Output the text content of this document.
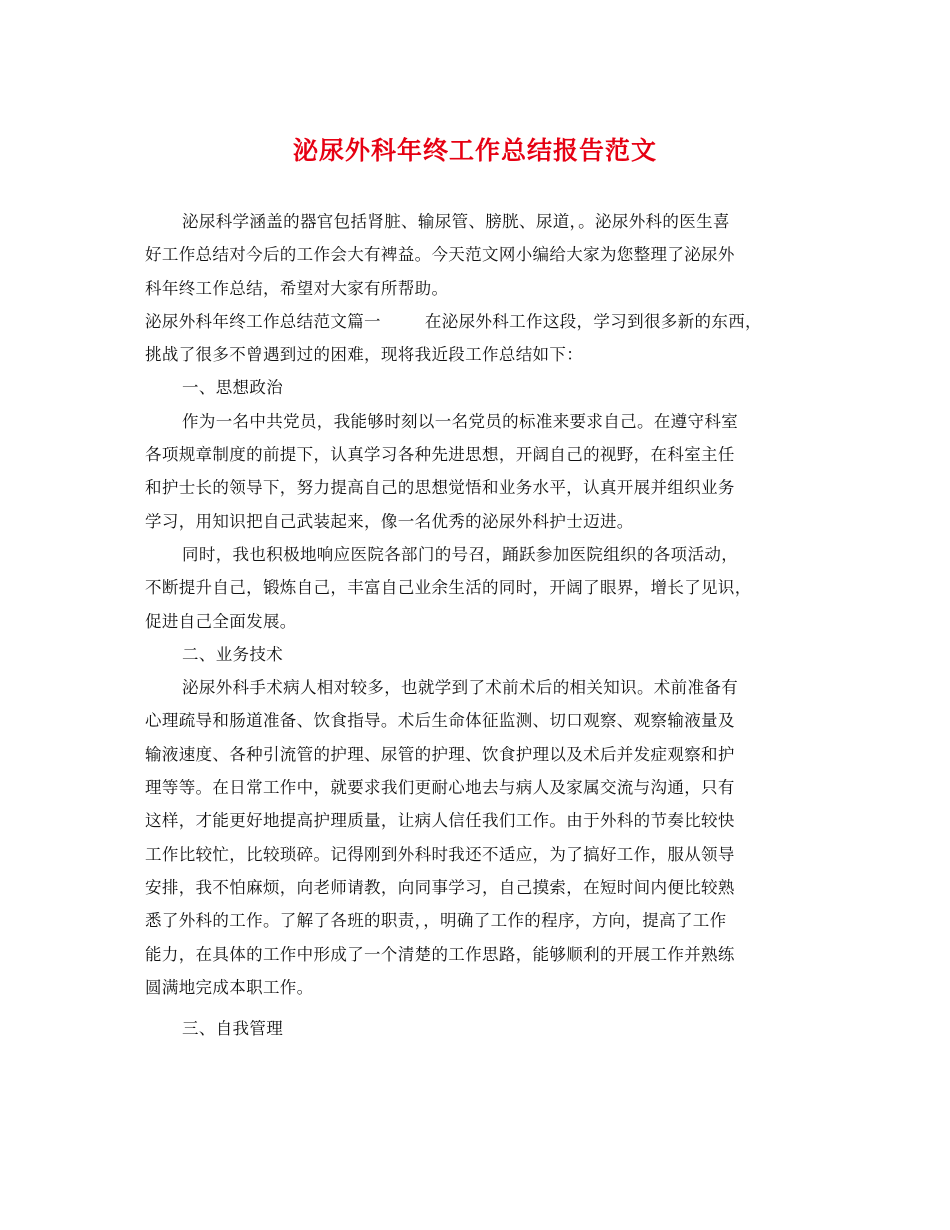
泌尿外科年终工作总结报告范文
泌尿科学涵盖的器官包括肾脏、输尿管、膀胱、尿道，。泌尿外科的医生喜
好工作总结对今后的工作会大有裨益。今天范文网小编给大家为您整理了泌尿外
科年终工作总结，希望对大家有所帮助。
泌尿外科年终工作总结范文篇一	在泌尿外科工作这段，学习到很多新的东西，
挑战了很多不曾遇到过的困难，现将我近段工作总结如下：
一、思想政治
作为一名中共党员，我能够时刻以一名党员的标准来要求自己。在遵守科室
各项规章制度的前提下，认真学习各种先进思想，开阔自己的视野，在科室主任
和护士长的领导下，努力提高自己的思想觉悟和业务水平，认真开展并组织业务
学习，用知识把自己武装起来，像一名优秀的泌尿外科护士迈进。
同时，我也积极地响应医院各部门的号召，踊跃参加医院组织的各项活动，
不断提升自己，锻炼自己，丰富自己业余生活的同时，开阔了眼界，增长了见识，
促进自己全面发展。
二、业务技术
泌尿外科手术病人相对较多，也就学到了术前术后的相关知识。术前准备有
心理疏导和肠道准备、饮食指导。术后生命体征监测、切口观察、观察输液量及
输液速度、各种引流管的护理、尿管的护理、饮食护理以及术后并发症观察和护
理等等。在日常工作中，就要求我们更耐心地去与病人及家属交流与沟通，只有
这样，才能更好地提高护理质量，让病人信任我们工作。由于外科的节奏比较快
工作比较忙，比较琐碎。记得刚到外科时我还不适应，为了搞好工作，服从领导
安排，我不怕麻烦，向老师请教，向同事学习，自己摸索，在短时间内便比较熟
悉了外科的工作。了解了各班的职责，，明确了工作的程序，方向，提高了工作
能力，在具体的工作中形成了一个清楚的工作思路，能够顺利的开展工作并熟练
圆满地完成本职工作。
三、自我管理
